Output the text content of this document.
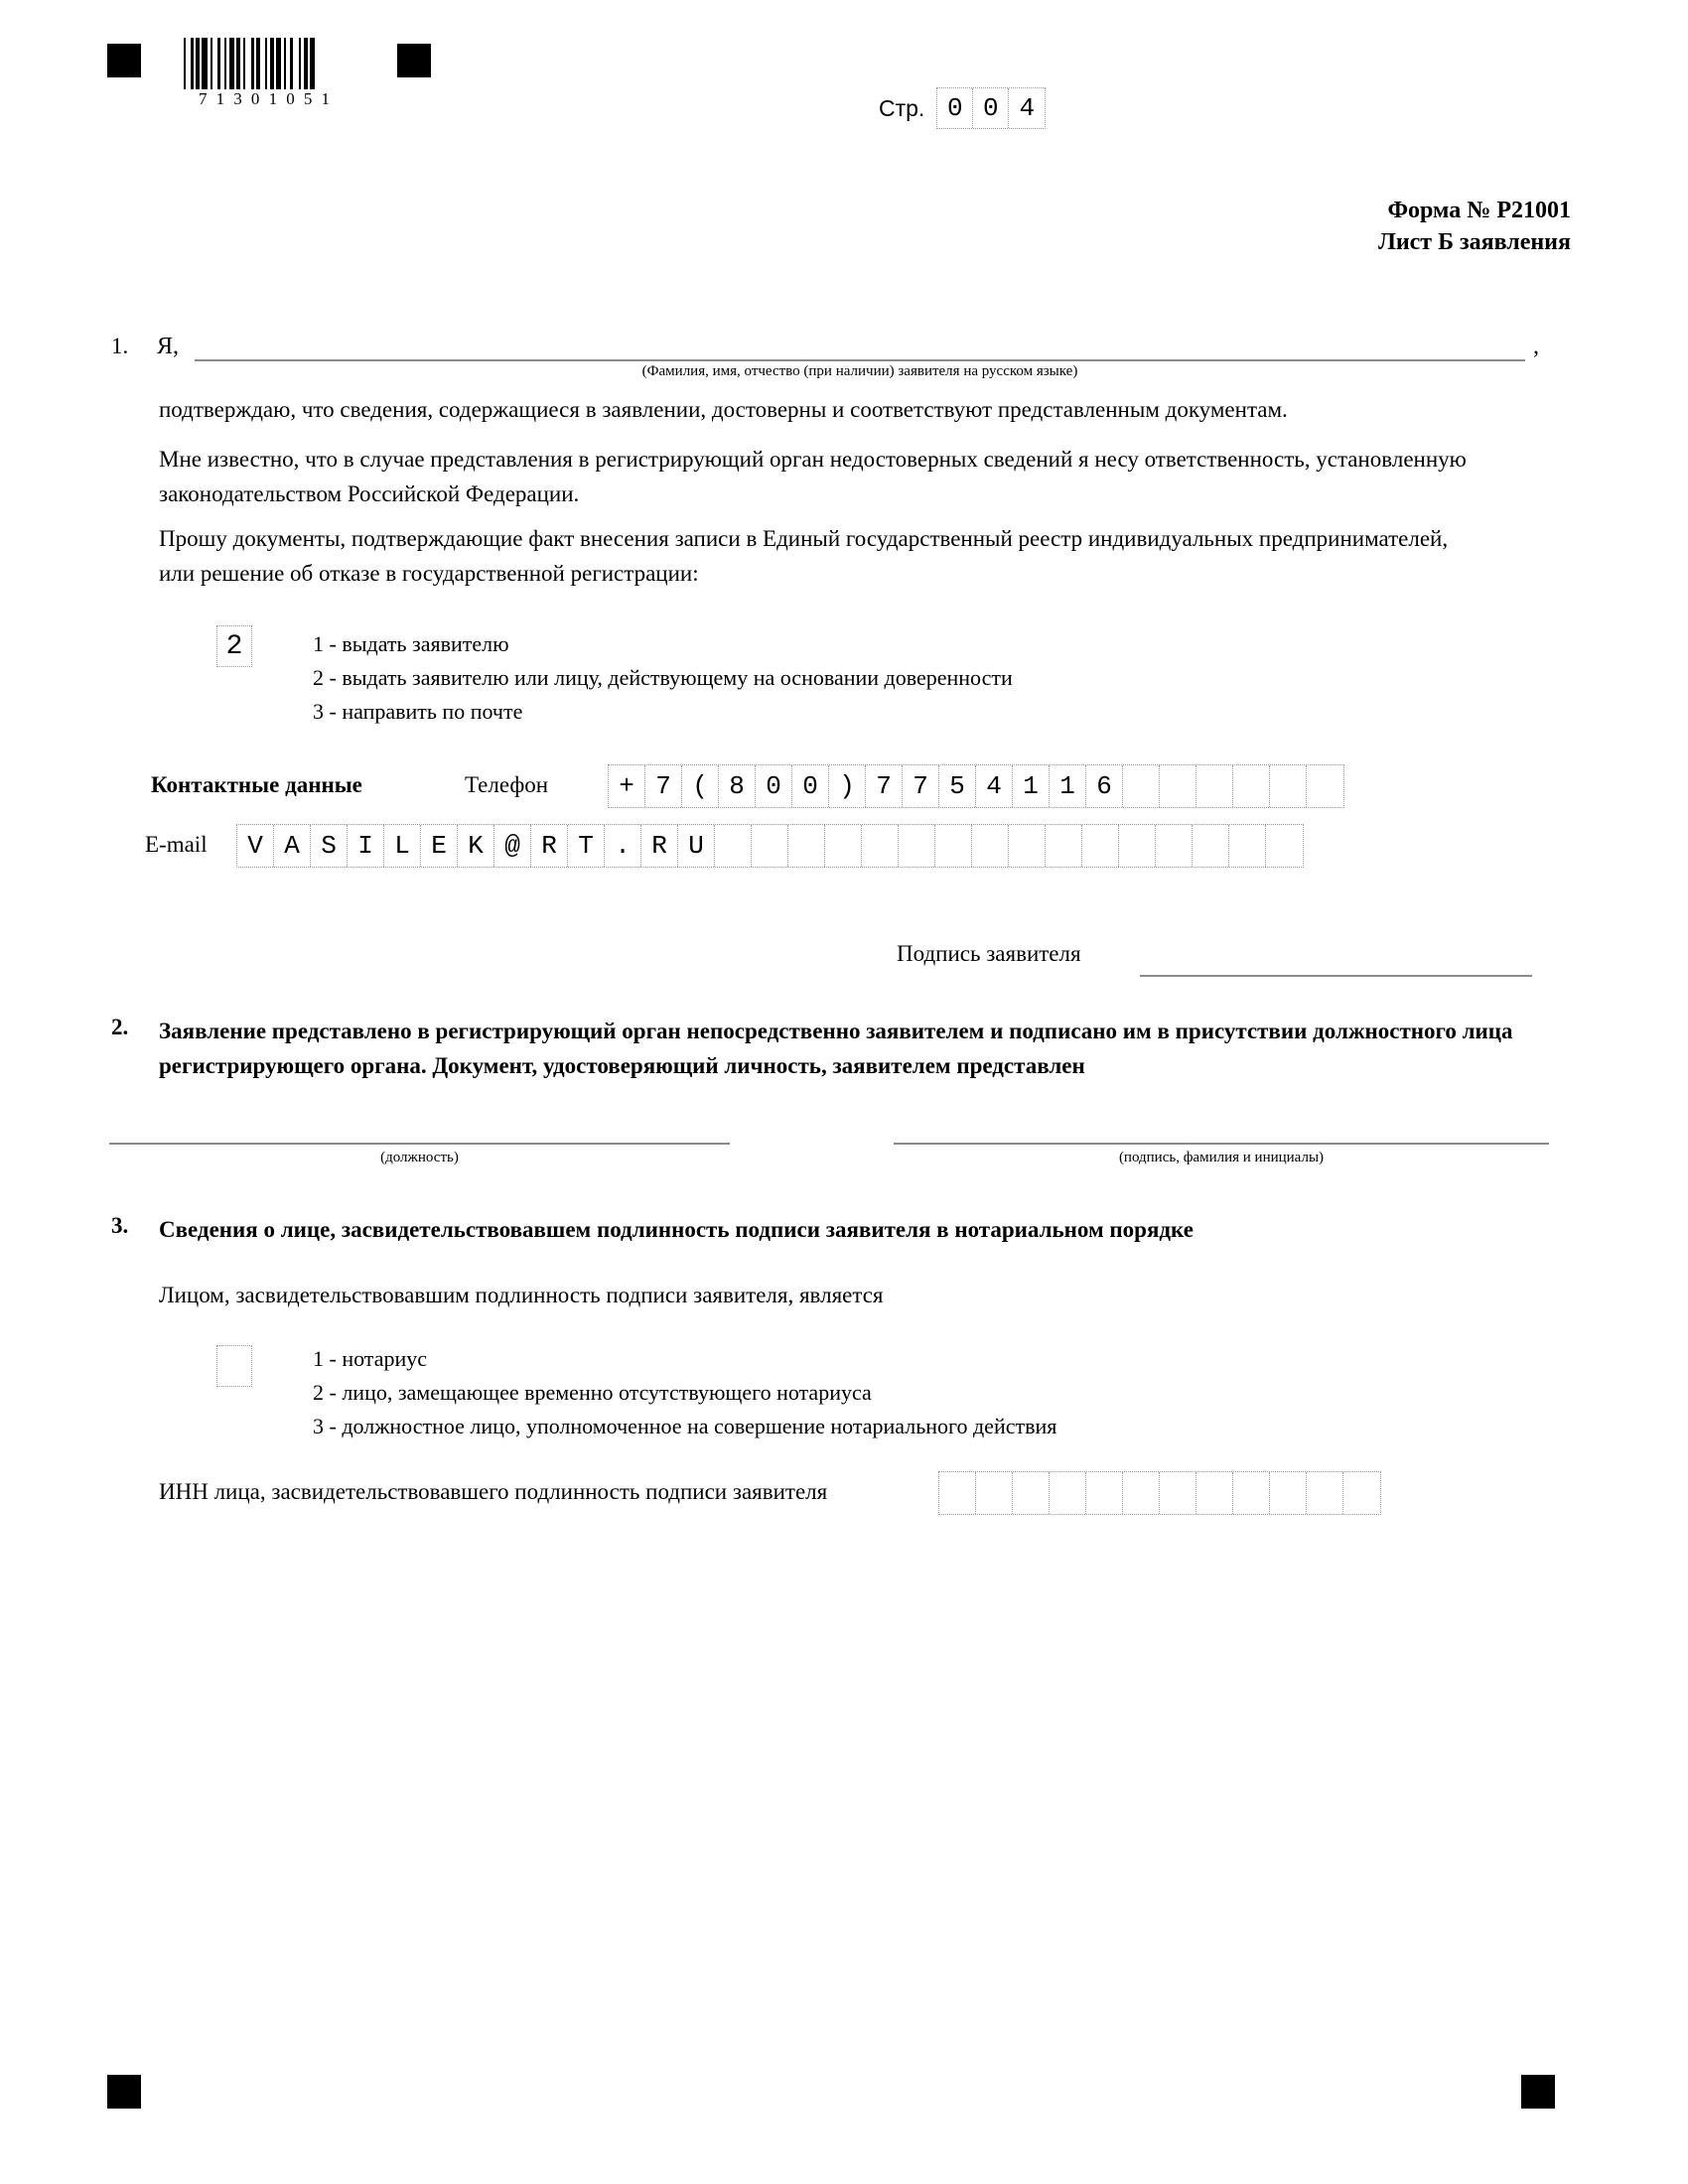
7 1 3 0 1 0 5 1	Стр. 0 0 4
Форма № Р21001
Лист Б заявления
1. Я,	,
(Фамилия, имя, отчество (при наличии) заявителя на русском языке)
подтверждаю, что сведения, содержащиеся в заявлении, достоверны и соответствуют представленным документам.
Мне известно, что в случае представления в регистрирующий орган недостоверных сведений я несу ответственность, установленную законодательством Российской Федерации.
Прошу документы, подтверждающие факт внесения записи в Единый государственный реестр индивидуальных предпринимателей, или решение об отказе в государственной регистрации:
2	1 - выдать заявителю
2 - выдать заявителю или лицу, действующему на основании доверенности
3 - направить по почте
Контактные данные	Телефон	+ 7 ( 8 0 0 ) 7 7 5 4 1 1 6
E-mail	V A S I L E K @ R T . R U
Подпись заявителя
2. Заявление представлено в регистрирующий орган непосредственно заявителем и подписано им в присутствии должностного лица регистрирующего органа. Документ, удостоверяющий личность, заявителем представлен
(должность)	(подпись, фамилия и инициалы)
3. Сведения о лице, засвидетельствовавшем подлинность подписи заявителя в нотариальном порядке
Лицом, засвидетельствовавшим подлинность подписи заявителя, является
1 - нотариус
2 - лицо, замещающее временно отсутствующего нотариуса
3 - должностное лицо, уполномоченное на совершение нотариального действия
ИНН лица, засвидетельствовавшего подлинность подписи заявителя
